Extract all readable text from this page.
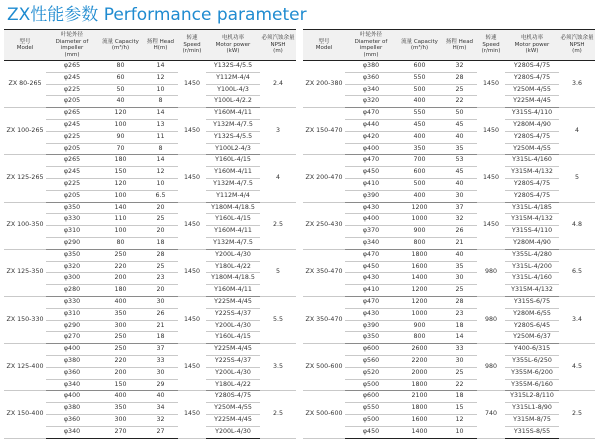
ZX性能参数 Performance parameter
型号
Model	叶轮外径
Diameter of impeller
(mm)	流量 Capacity
(m³/h)	扬程 Head
H(m)	转速
Speed
(r/min)	电机功率
Motor power
(kW)	必须汽蚀余量
NPSH
(m)
ZX 80-265	φ265	80	14	1450	Y132S-4/5.5	2.4
	φ245	60	12		Y112M-4/4	
	φ225	50	10		Y100L-4/3	
	φ205	40	8		Y100L-4/2.2	
ZX 100-265	φ265	120	14	1450	Y160M-4/11	3
	φ245	100	13		Y132M-4/7.5	
	φ225	90	11		Y132S-4/5.5	
	φ205	70	8		Y100L2-4/3	
ZX 125-265	φ265	180	14	1450	Y160L-4/15	4
	φ245	150	12		Y160M-4/11	
	φ225	120	10		Y132M-4/7.5	
	φ205	100	6.5		Y112M-4/4	
ZX 100-350	φ350	140	20	1450	Y180M-4/18.5	2.5
	φ330	110	25		Y160L-4/15	
	φ310	100	20		Y160M-4/11	
	φ290	80	18		Y132M-4/7.5	
ZX 125-350	φ350	250	28	1450	Y200L-4/30	5
	φ320	220	25		Y180L-4/22	
	φ300	200	23		Y180M-4/18.5	
	φ280	180	20		Y160M-4/11	
ZX 150-330	φ330	400	30	1450	Y225M-4/45	5.5
	φ310	350	26		Y225S-4/37	
	φ290	300	21		Y200L-4/30	
	φ270	250	18		Y160L-4/15	
ZX 125-400	φ400	250	37	1450	Y225M-4/45	3.5
	φ380	220	33		Y225S-4/37	
	φ360	200	30		Y200L-4/30	
	φ340	150	29		Y180L-4/22	
ZX 150-400	φ400	400	40	1450	Y280S-4/75	2.5
	φ380	350	34		Y250M-4/55	
	φ360	300	32		Y225M-4/45	
	φ340	270	27		Y200L-4/30	
型号
Model	叶轮外径
Diameter of impeller
(mm)	流量 Capacity
(m³/h)	扬程 Head
H(m)	转速
Speed
(r/min)	电机功率
Motor power
(kW)	必须汽蚀余量
NPSH
(m)
ZX 200-380	φ380	600	32	1450	Y280S-4/75	3.6
	φ360	550	28		Y280S-4/75	
	φ340	500	25		Y250M-4/55	
	φ320	400	22		Y225M-4/45	
ZX 150-470	φ470	550	50	1450	Y315S-4/110	4
	φ440	450	45		Y280M-4/90	
	φ420	400	40		Y280S-4/75	
	φ400	350	35		Y250M-4/55	
ZX 200-470	φ470	700	53	1450	Y315L-4/160	5
	φ450	600	45		Y315M-4/132	
	φ410	500	40		Y280S-4/75	
	φ390	400	30		Y280S-4/75	
ZX 250-430	φ430	1200	37	1450	Y315L-4/185	4.8
	φ400	1000	32		Y315M-4/132	
	φ370	900	26		Y315S-4/110	
	φ340	800	21		Y280M-4/90	
ZX 350-470	φ470	1800	40	980	Y355L-4/280	6.5
	φ450	1600	35		Y315L-4/200	
	φ430	1400	30		Y315L-4/160	
	φ410	1200	25		Y315M-4/132	
ZX 350-470	φ470	1200	28	980	Y315S-6/75	3.4
	φ430	1000	23		Y280M-6/55	
	φ390	900	18		Y280S-6/45	
	φ350	800	14		Y250M-6/37	
ZX 500-600	φ600	2600	33	980	Y400-6/315	4.5
	φ560	2200	30		Y355L-6/250	
	φ520	2000	25		Y355M-6/200	
	φ500	1800	22		Y355M-6/160	
ZX 500-600	φ600	2100	18	740	Y315L2-8/110	2.5
	φ550	1800	15		Y315L1-8/90	
	φ500	1600	12		Y315M-8/75	
	φ450	1400	10		Y315S-8/55	
